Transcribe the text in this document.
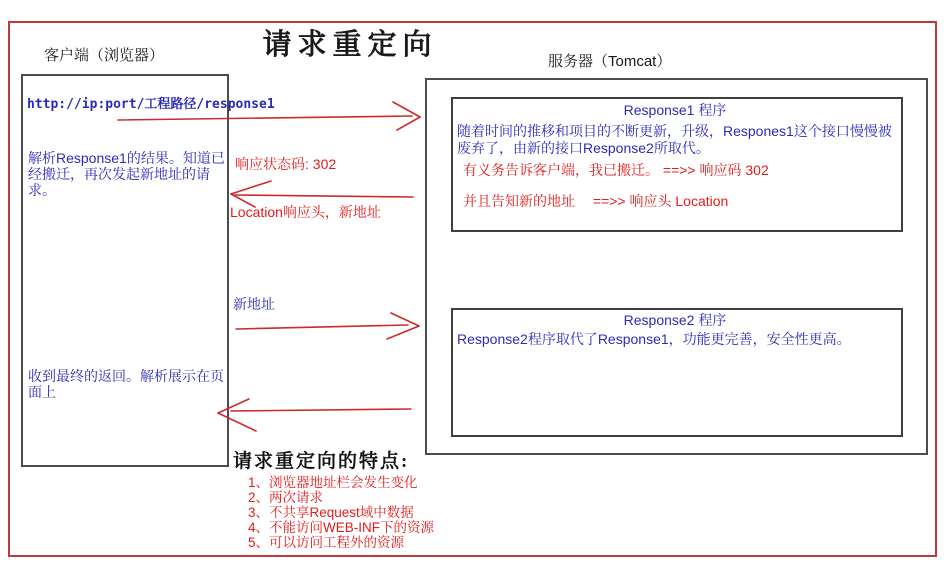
请求重定向
客户端（浏览器）	服务器（Tomcat）
http://ip:port/工程路径/response1
解析Response1的结果。知道已经搬迁，再次发起新地址的请求。
收到最终的返回。解析展示在页面上
响应状态码: 302
Location响应头，新地址
新地址
Response1 程序
随着时间的推移和项目的不断更新，升级，Respones1这个接口慢慢被废弃了，由新的接口Response2所取代。
有义务告诉客户端，我已搬迁。 ==>> 响应码 302
并且告知新的地址　 ==>> 响应头 Location
Response2 程序
Response2程序取代了Response1，功能更完善，安全性更高。
请求重定向的特点:
1、浏览器地址栏会发生变化
2、两次请求
3、不共享Request域中数据
4、不能访问WEB-INF下的资源
5、可以访问工程外的资源
